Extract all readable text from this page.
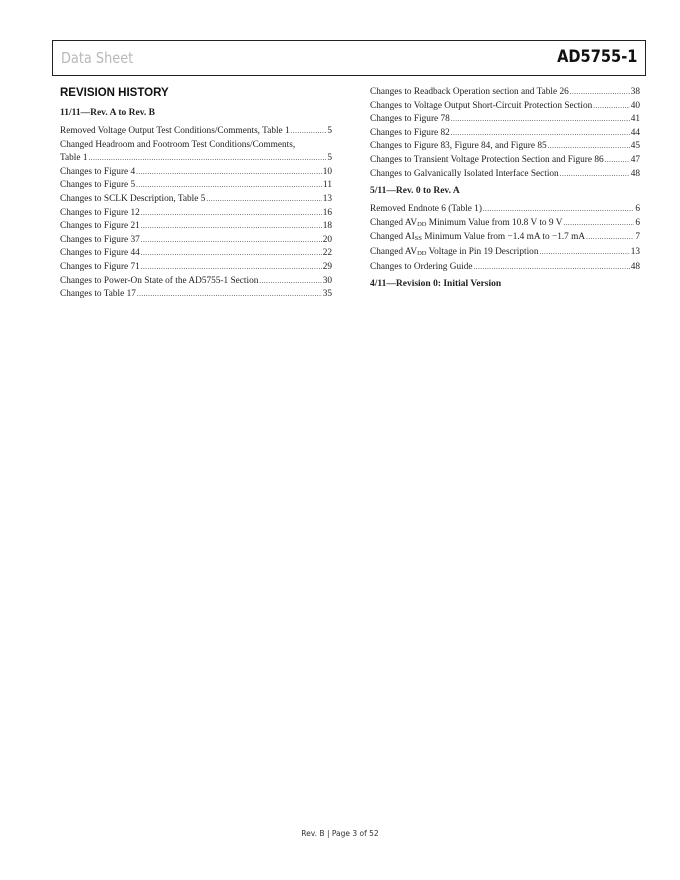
Data Sheet	AD5755-1
REVISION HISTORY
11/11—Rev. A to Rev. B
Removed Voltage Output Test Conditions/Comments, Table 1 .....	5
Changed Headroom and Footroom Test Conditions/Comments,
Table 1 .....	5
Changes to Figure 4 .....	10
Changes to Figure 5 .....	11
Changes to SCLK Description, Table 5 .....	13
Changes to Figure 12 .....	16
Changes to Figure 21 .....	18
Changes to Figure 37 .....	20
Changes to Figure 44 .....	22
Changes to Figure 71 .....	29
Changes to Power-On State of the AD5755-1 Section .....	30
Changes to Table 17 .....	35
Changes to Readback Operation section and Table 26 .....	38
Changes to Voltage Output Short-Circuit Protection Section .....	40
Changes to Figure 78 .....	41
Changes to Figure 82 .....	44
Changes to Figure 83, Figure 84, and Figure 85 .....	45
Changes to Transient Voltage Protection Section and Figure 86 .....	47
Changes to Galvanically Isolated Interface Section .....	48
5/11—Rev. 0 to Rev. A
Removed Endnote 6 (Table 1) .....	6
Changed AVDD Minimum Value from 10.8 V to 9 V .....	6
Changed AISS Minimum Value from −1.4 mA to −1.7 mA .....	7
Changed AVDD Voltage in Pin 19 Description .....	13
Changes to Ordering Guide .....	48
4/11—Revision 0: Initial Version
Rev. B | Page 3 of 52
